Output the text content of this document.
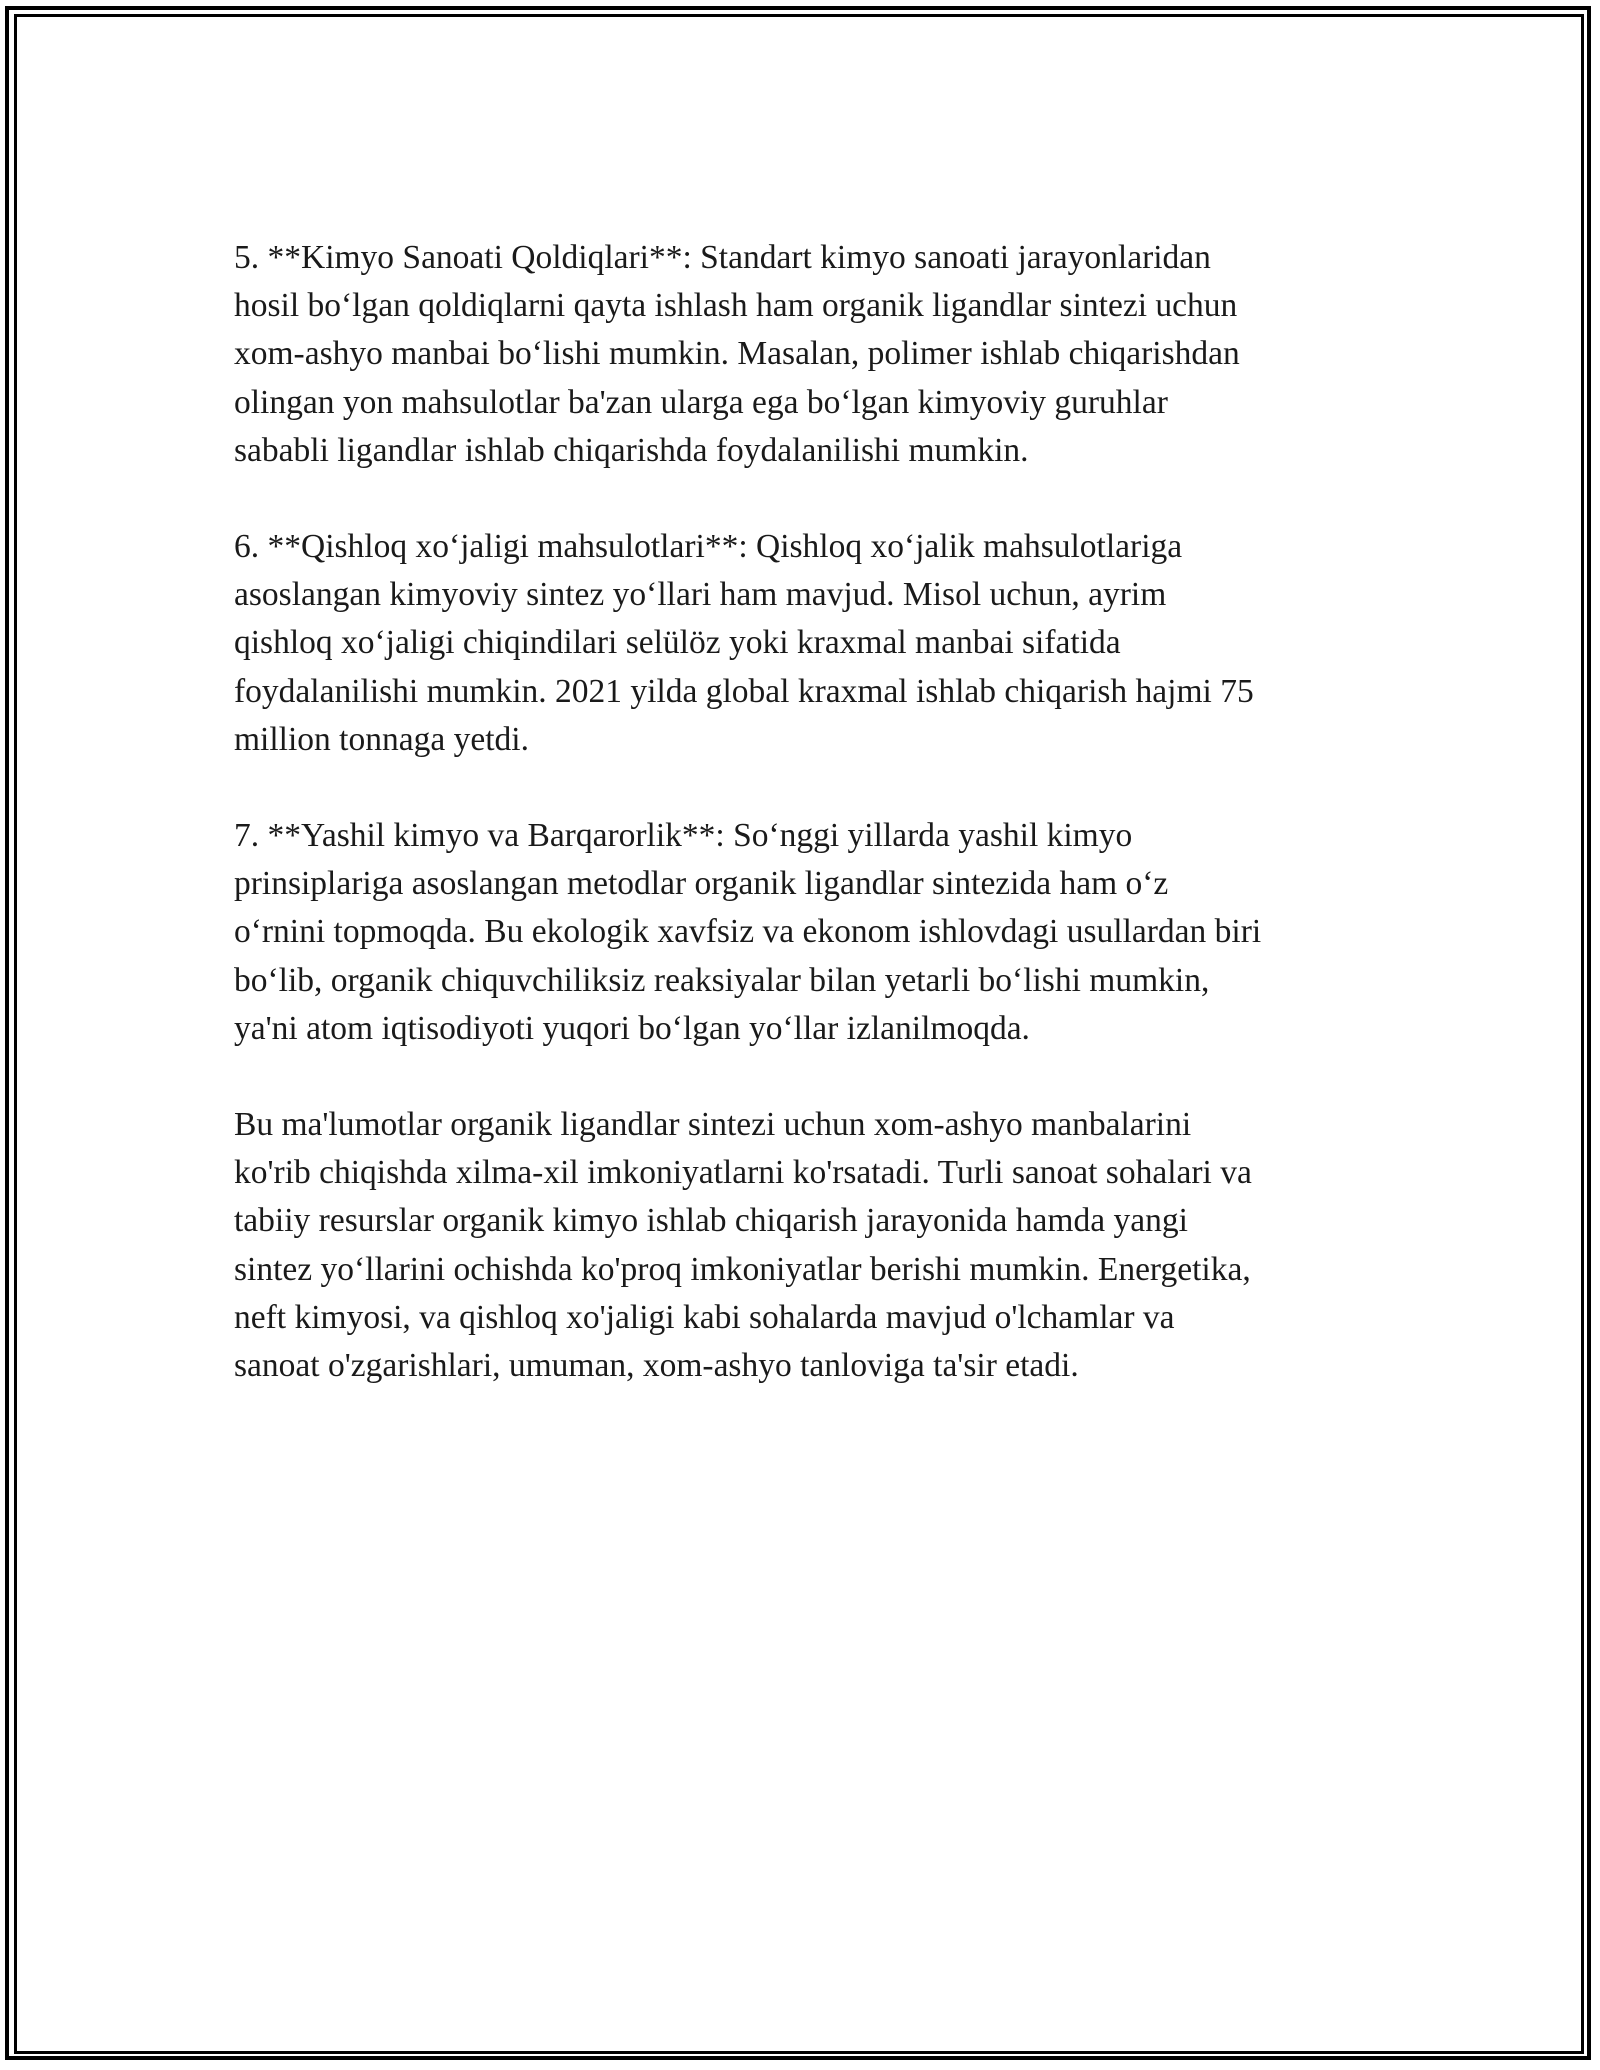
5. **Kimyo Sanoati Qoldiqlari**: Standart kimyo sanoati jarayonlaridan
hosil bo‘lgan qoldiqlarni qayta ishlash ham organik ligandlar sintezi uchun
xom-ashyo manbai bo‘lishi mumkin. Masalan, polimer ishlab chiqarishdan
olingan yon mahsulotlar ba'zan ularga ega bo‘lgan kimyoviy guruhlar
sababli ligandlar ishlab chiqarishda foydalanilishi mumkin.

6. **Qishloq xo‘jaligi mahsulotlari**: Qishloq xo‘jalik mahsulotlariga
asoslangan kimyoviy sintez yo‘llari ham mavjud. Misol uchun, ayrim
qishloq xo‘jaligi chiqindilari selülöz yoki kraxmal manbai sifatida
foydalanilishi mumkin. 2021 yilda global kraxmal ishlab chiqarish hajmi 75
million tonnaga yetdi.

7. **Yashil kimyo va Barqarorlik**: So‘nggi yillarda yashil kimyo
prinsiplariga asoslangan metodlar organik ligandlar sintezida ham o‘z
o‘rnini topmoqda. Bu ekologik xavfsiz va ekonom ishlovdagi usullardan biri
bo‘lib, organik chiquvchiliksiz reaksiyalar bilan yetarli bo‘lishi mumkin,
ya'ni atom iqtisodiyoti yuqori bo‘lgan yo‘llar izlanilmoqda.

Bu ma'lumotlar organik ligandlar sintezi uchun xom-ashyo manbalarini
ko'rib chiqishda xilma-xil imkoniyatlarni ko'rsatadi. Turli sanoat sohalari va
tabiiy resurslar organik kimyo ishlab chiqarish jarayonida hamda yangi
sintez yo‘llarini ochishda ko'proq imkoniyatlar berishi mumkin. Energetika,
neft kimyosi, va qishloq xo'jaligi kabi sohalarda mavjud o'lchamlar va
sanoat o'zgarishlari, umuman, xom-ashyo tanloviga ta'sir etadi.
